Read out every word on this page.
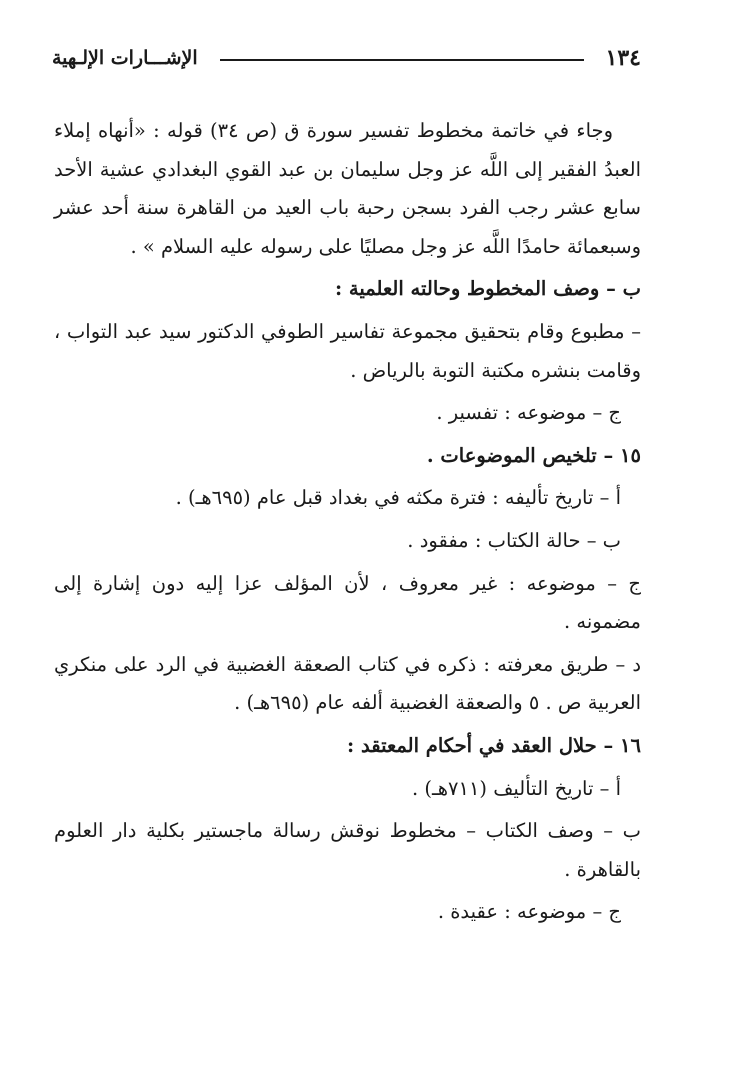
١٣٤
الإشـــارات الإلـهية

وجاء في خاتمة مخطوط تفسير سورة ق (ص ٣٤) قوله : «أنهاه إملاء العبدُ الفقير إلى اللَّه عز وجل سليمان بن عبد القوي البغدادي عشية الأحد سابع عشر رجب الفرد بسجن رحبة باب العيد من القاهرة سنة أحد عشر وسبعمائة حامدًا اللَّه عز وجل مصليًا على رسوله عليه السلام » .

ب – وصف المخطوط وحالته العلمية :

– مطبوع وقام بتحقيق مجموعة تفاسير الطوفي الدكتور سيد عبد التواب ، وقامت بنشره مكتبة التوبة بالرياض .

ج – موضوعه : تفسير .

١٥ – تلخيص الموضوعات .

أ – تاريخ تأليفه : فترة مكثه في بغداد قبل عام (٦٩٥هـ) .

ب – حالة الكتاب : مفقود .

ج – موضوعه : غير معروف ، لأن المؤلف عزا إليه دون إشارة إلى مضمونه .

د – طريق معرفته : ذكره في كتاب الصعقة الغضبية في الرد على منكري العربية ص . ٥ والصعقة الغضبية ألفه عام (٦٩٥هـ) .

١٦ – حلال العقد في أحكام المعتقد :

أ – تاريخ التأليف (٧١١هـ) .

ب – وصف الكتاب – مخطوط نوقش رسالة ماجستير بكلية دار العلوم بالقاهرة .

ج – موضوعه : عقيدة .
